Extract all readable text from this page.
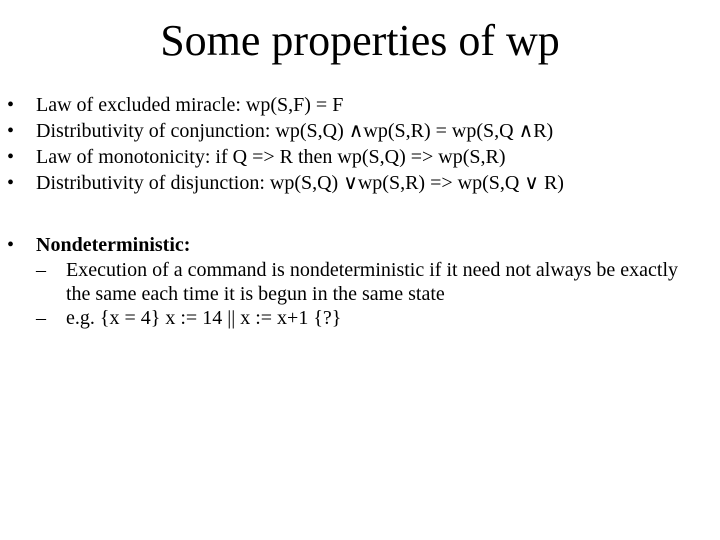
Some properties of wp
• Law of excluded miracle: wp(S,F) = F
• Distributivity of conjunction: wp(S,Q) ∧wp(S,R) = wp(S,Q ∧R)
• Law of monotonicity: if Q => R then wp(S,Q) => wp(S,R)
• Distributivity of disjunction: wp(S,Q) ∨wp(S,R) => wp(S,Q ∨ R)
• Nondeterministic:
– Execution of a command is nondeterministic if it need not always be exactly the same each time it is begun in the same state
– e.g. {x = 4} x := 14 || x := x+1 {?}
